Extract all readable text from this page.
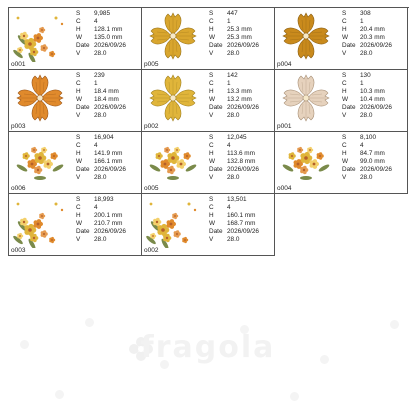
o001
S	9,985
C	4
H	128.1 mm
W	135.0 mm
Date 2026/09/26
V	28.0
p005
S	447
C	1
H	25.3 mm
W	25.3 mm
Date 2026/09/26
V	28.0
p004
S	308
C	1
H	20.4 mm
W	20.3 mm
Date 2026/09/26
V	28.0
p003
S	239
C	1
H	18.4 mm
W	18.4 mm
Date 2026/09/26
V	28.0
p002
S	142
C	1
H	13.3 mm
W	13.2 mm
Date 2026/09/26
V	28.0
p001
S	130
C	1
H	10.3 mm
W	10.4 mm
Date 2026/09/26
V	28.0
o006
S	16,904
C	4
H	141.9 mm
W	166.1 mm
Date 2026/09/26
V	28.0
o005
S	12,045
C	4
H	113.6 mm
W	132.8 mm
Date 2026/09/26
V	28.0
o004
S	8,100
C	4
H	84.7 mm
W	99.0 mm
Date 2026/09/26
V	28.0
o003
S	18,993
C	4
H	200.1 mm
W	210.7 mm
Date 2026/09/26
V	28.0
o002
S	13,501
C	4
H	160.1 mm
W	168.7 mm
Date 2026/09/26
V	28.0
fragola
